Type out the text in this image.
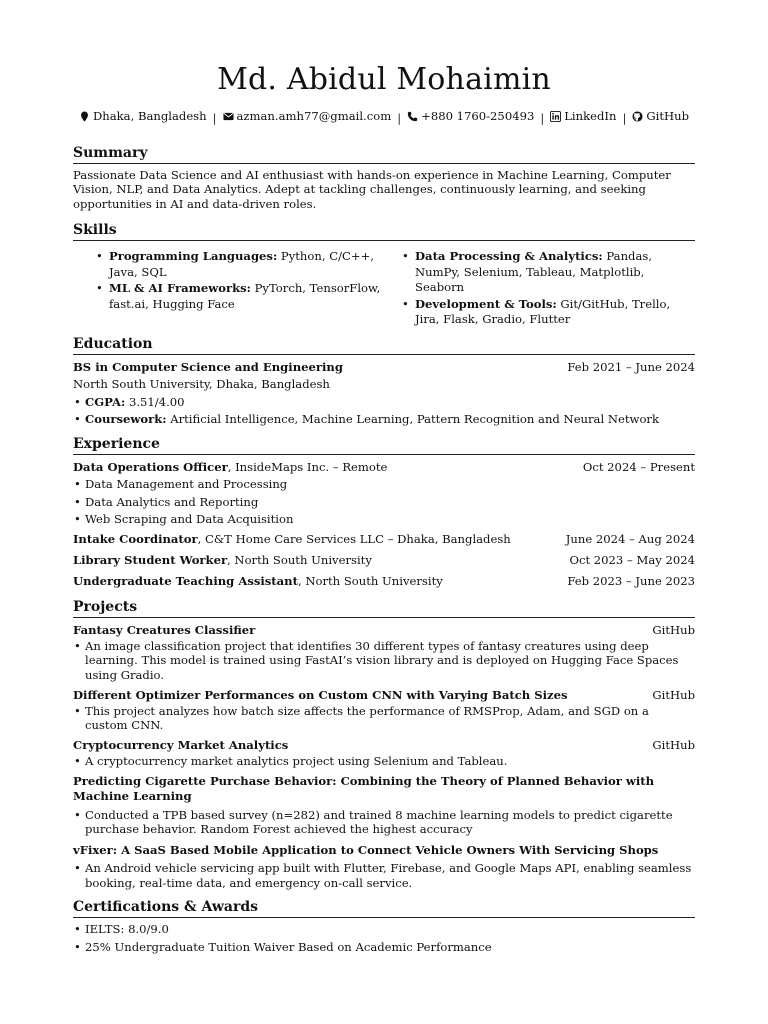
Md. Abidul Mohaimin
Dhaka, Bangladesh | azman.amh77@gmail.com | +880 1760-250493 | LinkedIn | GitHub
Summary
Passionate Data Science and AI enthusiast with hands-on experience in Machine Learning, Computer Vision, NLP, and Data Analytics. Adept at tackling challenges, continuously learning, and seeking opportunities in AI and data-driven roles.
Skills
• Programming Languages: Python, C/C++, Java, SQL
• ML & AI Frameworks: PyTorch, TensorFlow, fast.ai, Hugging Face
• Data Processing & Analytics: Pandas, NumPy, Selenium, Tableau, Matplotlib, Seaborn
• Development & Tools: Git/GitHub, Trello, Jira, Flask, Gradio, Flutter
Education
BS in Computer Science and Engineering	Feb 2021 – June 2024
North South University, Dhaka, Bangladesh
• CGPA: 3.51/4.00
• Coursework: Artificial Intelligence, Machine Learning, Pattern Recognition and Neural Network
Experience
Data Operations Officer, InsideMaps Inc. – Remote	Oct 2024 – Present
• Data Management and Processing
• Data Analytics and Reporting
• Web Scraping and Data Acquisition
Intake Coordinator, C&T Home Care Services LLC – Dhaka, Bangladesh	June 2024 – Aug 2024
Library Student Worker, North South University	Oct 2023 – May 2024
Undergraduate Teaching Assistant, North South University	Feb 2023 – June 2023
Projects
Fantasy Creatures Classifier	GitHub
• An image classification project that identifies 30 different types of fantasy creatures using deep learning. This model is trained using FastAI’s vision library and is deployed on Hugging Face Spaces using Gradio.
Different Optimizer Performances on Custom CNN with Varying Batch Sizes	GitHub
• This project analyzes how batch size affects the performance of RMSProp, Adam, and SGD on a custom CNN.
Cryptocurrency Market Analytics	GitHub
• A cryptocurrency market analytics project using Selenium and Tableau.
Predicting Cigarette Purchase Behavior: Combining the Theory of Planned Behavior with Machine Learning
• Conducted a TPB based survey (n=282) and trained 8 machine learning models to predict cigarette purchase behavior. Random Forest achieved the highest accuracy
vFixer: A SaaS Based Mobile Application to Connect Vehicle Owners With Servicing Shops
• An Android vehicle servicing app built with Flutter, Firebase, and Google Maps API, enabling seamless booking, real-time data, and emergency on-call service.
Certifications & Awards
• IELTS: 8.0/9.0
• 25% Undergraduate Tuition Waiver Based on Academic Performance
